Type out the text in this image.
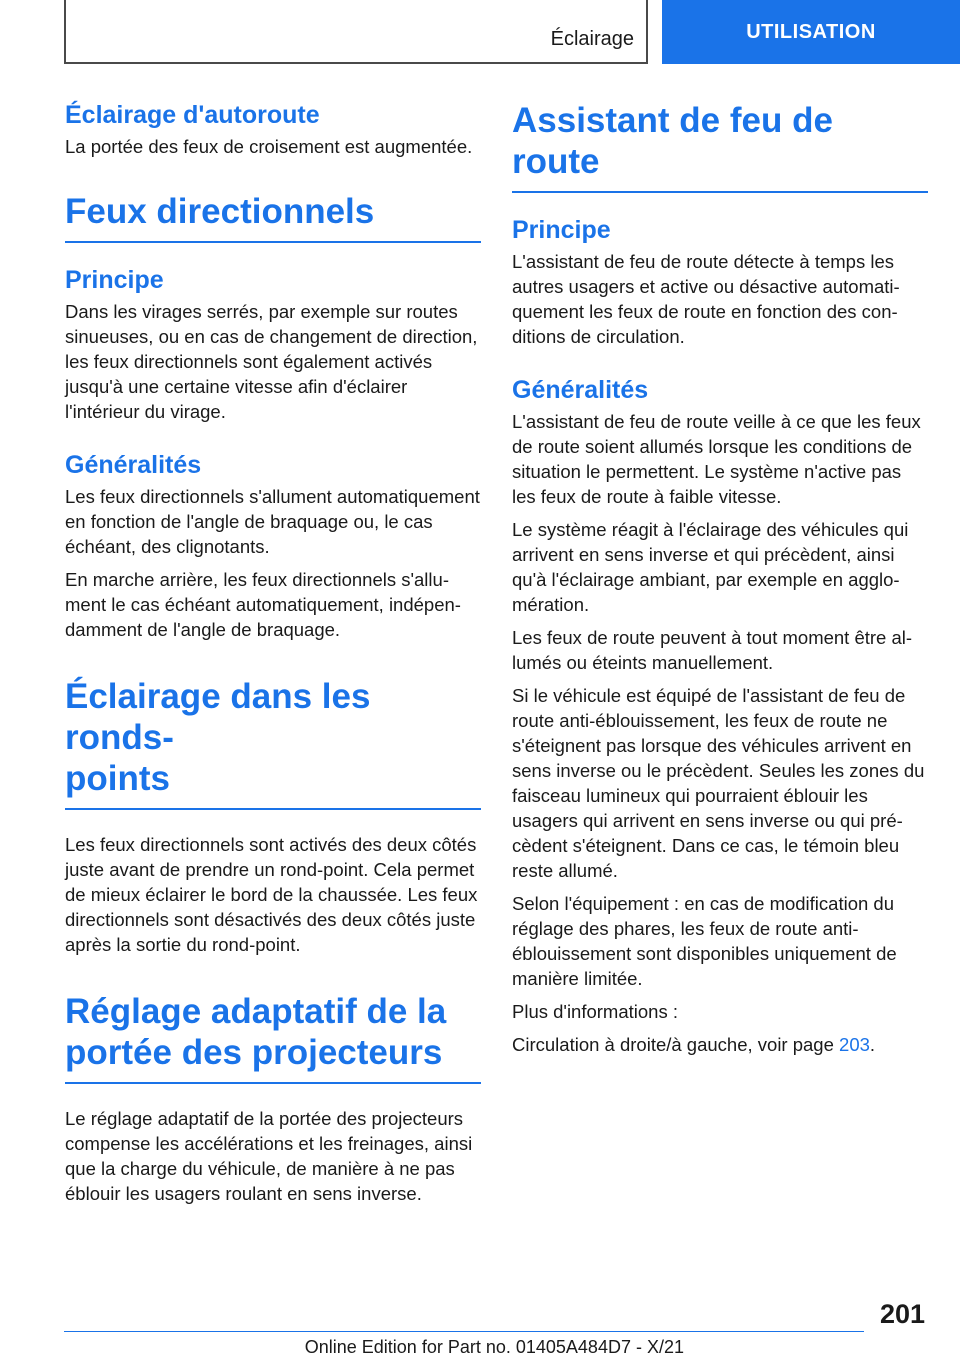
Éclairage	UTILISATION
Éclairage d'autoroute

La portée des feux de croisement est augmentée.

Feux directionnels
Principe

Dans les virages serrés, par exemple sur routes sinueuses, ou en cas de changement de direction, les feux directionnels sont également activés jusqu'à une certaine vitesse afin d'éclairer l'intérieur du virage.

Généralités

Les feux directionnels s'allument automatiquement en fonction de l'angle de braquage ou, le cas échéant, des clignotants.

En marche arrière, les feux directionnels s'allument le cas échéant automatiquement, indépendamment de l'angle de braquage.

Éclairage dans les ronds-
points

Les feux directionnels sont activés des deux côtés juste avant de prendre un rond-point. Cela permet de mieux éclairer le bord de la chaussée. Les feux directionnels sont désactivés des deux côtés juste après la sortie du rond-point.

Réglage adaptatif de la
portée des projecteurs

Le réglage adaptatif de la portée des projecteurs compense les accélérations et les freinages, ainsi que la charge du véhicule, de manière à ne pas éblouir les usagers roulant en sens inverse.

Assistant de feu de route
Principe

L'assistant de feu de route détecte à temps les autres usagers et active ou désactive automatiquement les feux de route en fonction des conditions de circulation.

Généralités

L'assistant de feu de route veille à ce que les feux de route soient allumés lorsque les conditions de situation le permettent. Le système n'active pas les feux de route à faible vitesse.

Le système réagit à l'éclairage des véhicules qui arrivent en sens inverse et qui précèdent, ainsi qu'à l'éclairage ambiant, par exemple en agglomération.

Les feux de route peuvent à tout moment être allumés ou éteints manuellement.

Si le véhicule est équipé de l'assistant de feu de route anti-éblouissement, les feux de route ne s'éteignent pas lorsque des véhicules arrivent en sens inverse ou le précèdent. Seules les zones du faisceau lumineux qui pourraient éblouir les usagers qui arrivent en sens inverse ou qui précèdent s'éteignent. Dans ce cas, le témoin bleu reste allumé.

Selon l'équipement : en cas de modification du réglage des phares, les feux de route anti-éblouissement sont disponibles uniquement de manière limitée.

Plus d'informations :

Circulation à droite/à gauche, voir page 203.

201
Online Edition for Part no. 01405A484D7 - X/21
